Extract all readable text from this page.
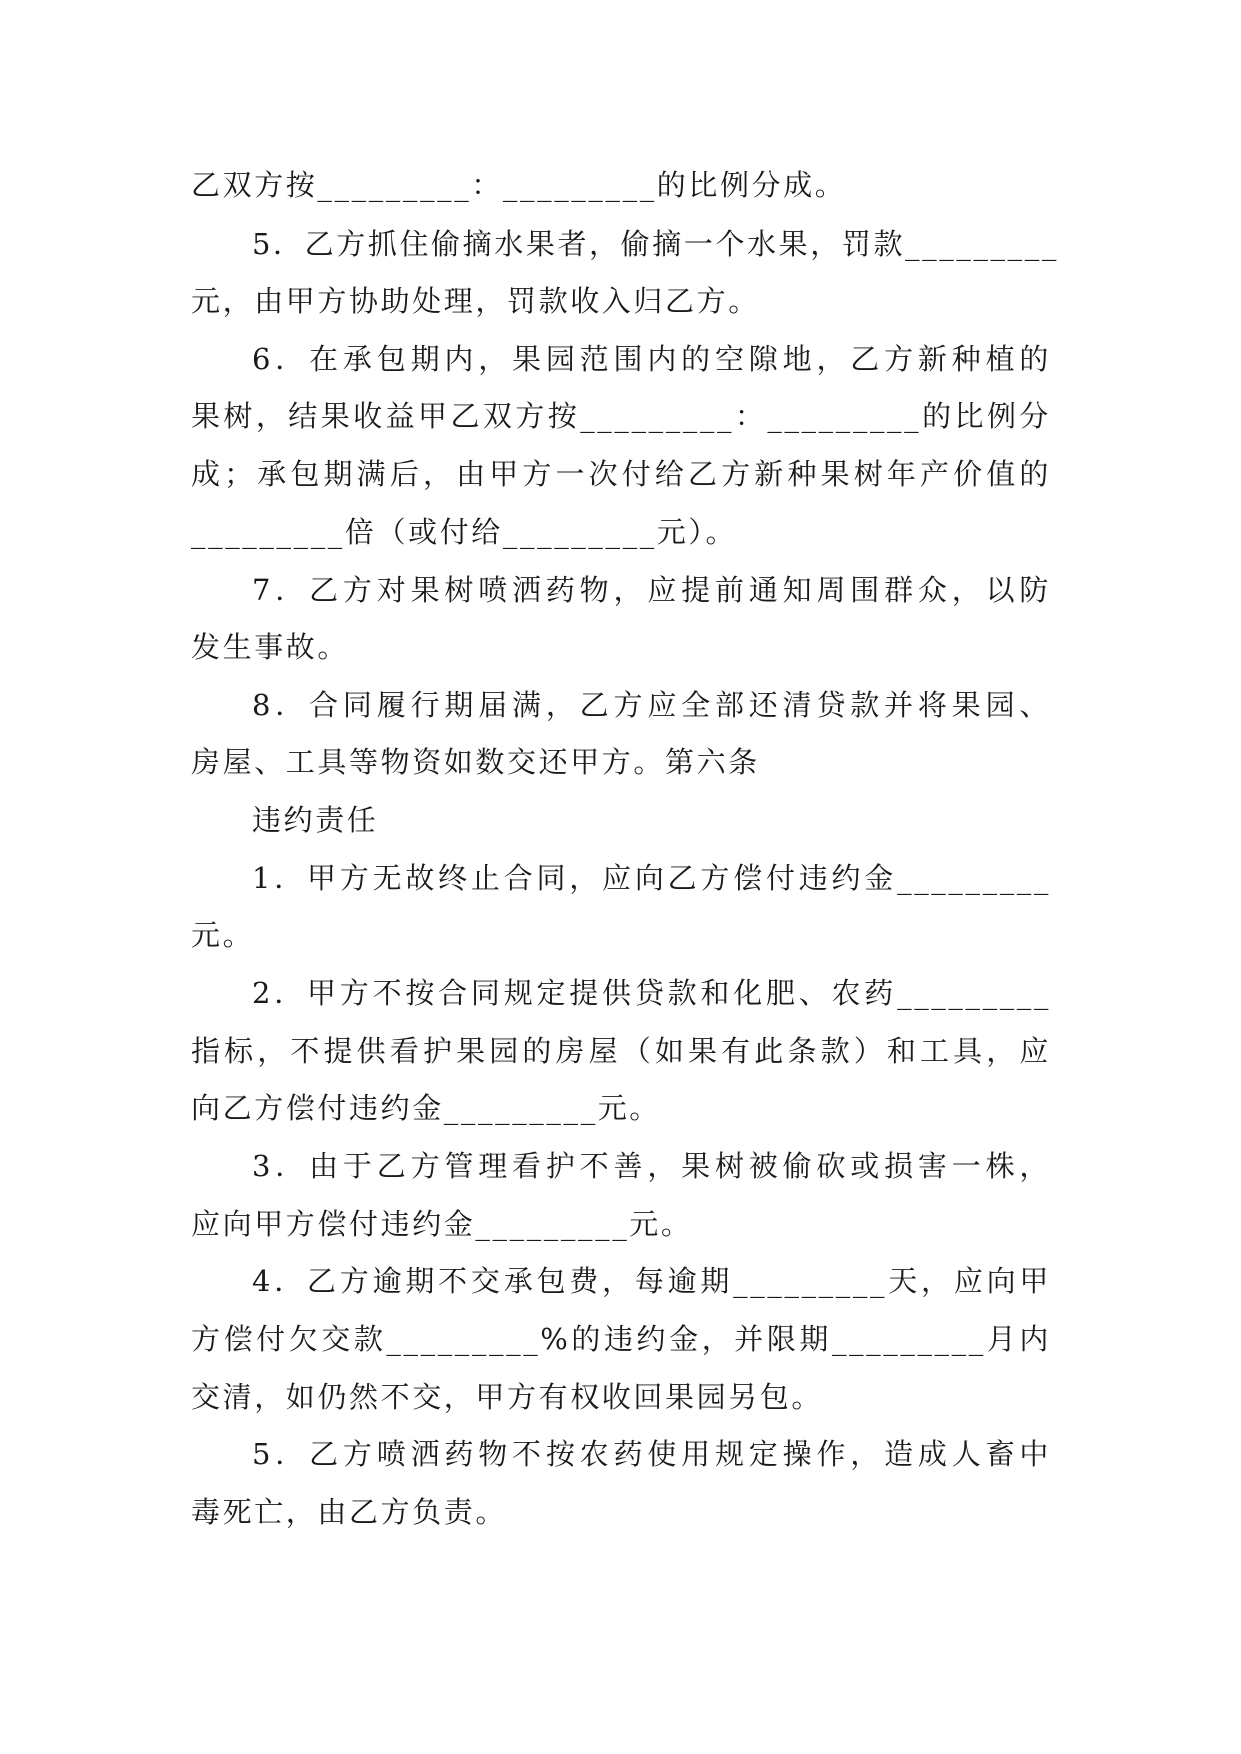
乙双方按_________：_________的比例分成。
5．乙方抓住偷摘水果者，偷摘一个水果，罚款_________
元，由甲方协助处理，罚款收入归乙方。
6．在承包期内，果园范围内的空隙地，乙方新种植的
果树，结果收益甲乙双方按_________：_________的比例分
成；承包期满后，由甲方一次付给乙方新种果树年产价值的
_________倍（或付给_________元）。
7．乙方对果树喷洒药物，应提前通知周围群众，以防
发生事故。
8．合同履行期届满，乙方应全部还清贷款并将果园、
房屋、工具等物资如数交还甲方。第六条
违约责任
1．甲方无故终止合同，应向乙方偿付违约金_________
元。
2．甲方不按合同规定提供贷款和化肥、农药_________
指标，不提供看护果园的房屋（如果有此条款）和工具，应
向乙方偿付违约金_________元。
3．由于乙方管理看护不善，果树被偷砍或损害一株，
应向甲方偿付违约金_________元。
4．乙方逾期不交承包费，每逾期_________天，应向甲
方偿付欠交款_________%的违约金，并限期_________月内
交清，如仍然不交，甲方有权收回果园另包。
5．乙方喷洒药物不按农药使用规定操作，造成人畜中
毒死亡，由乙方负责。
